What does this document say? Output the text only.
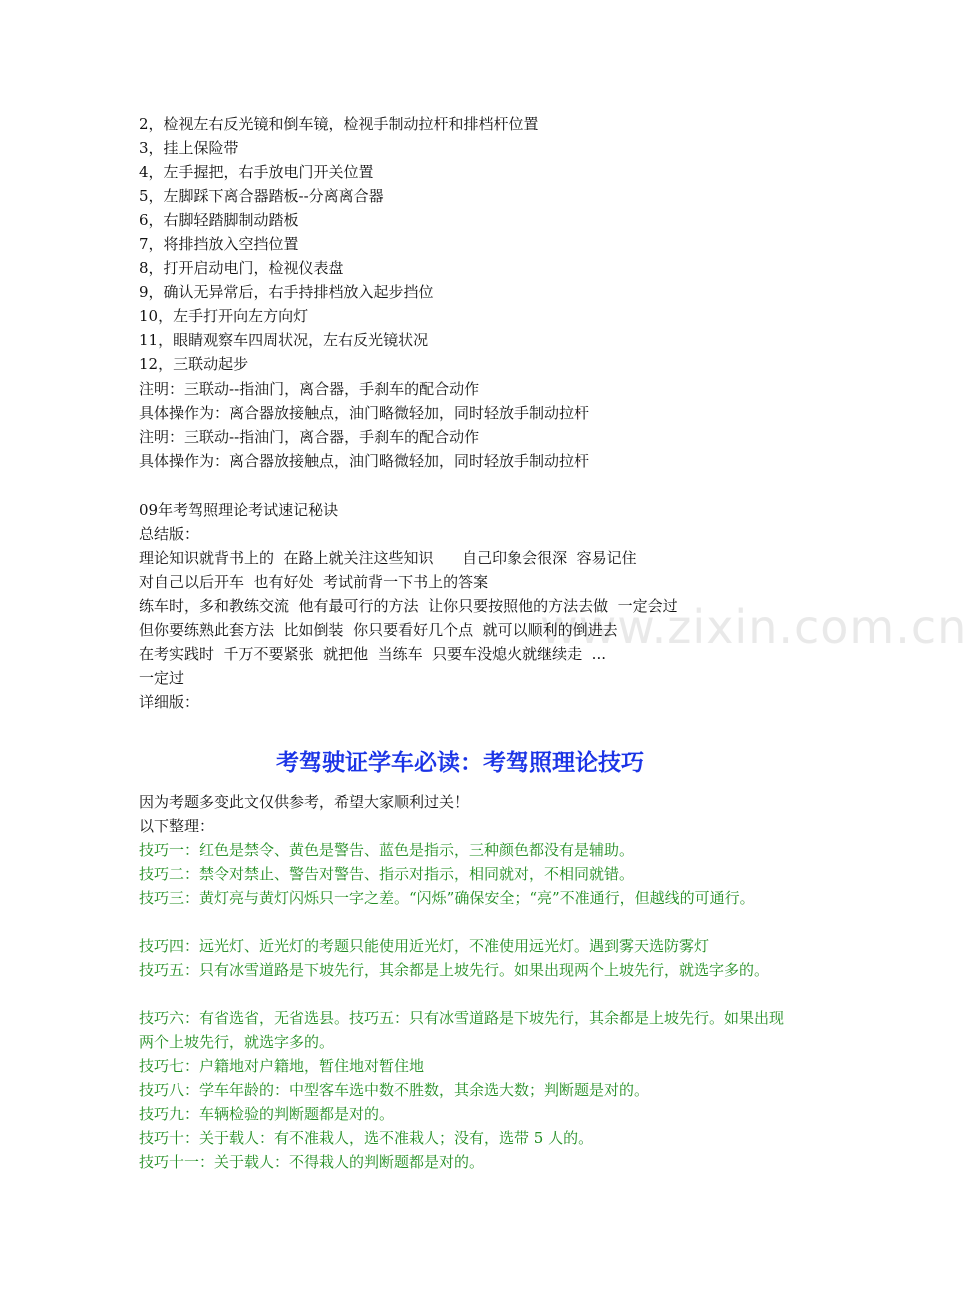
www.zixin.com.cn
2，检视左右反光镜和倒车镜，检视手制动拉杆和排档杆位置
3，挂上保险带
4，左手握把，右手放电门开关位置
5，左脚踩下离合器踏板--分离离合器
6，右脚轻踏脚制动踏板
7，将排挡放入空挡位置
8，打开启动电门，检视仪表盘
9，确认无异常后，右手持排档放入起步挡位
10，左手打开向左方向灯
11，眼睛观察车四周状况，左右反光镜状况
12，三联动起步
注明：三联动--指油门，离合器，手刹车的配合动作
具体操作为：离合器放接触点，油门略微轻加，同时轻放手制动拉杆
注明：三联动--指油门，离合器，手刹车的配合动作
具体操作为：离合器放接触点，油门略微轻加，同时轻放手制动拉杆
09年考驾照理论考试速记秘诀
总结版：
理论知识就背书上的  在路上就关注这些知识      自己印象会很深  容易记住
对自己以后开车  也有好处  考试前背一下书上的答案
练车时，多和教练交流  他有最可行的方法  让你只要按照他的方法去做  一定会过
但你要练熟此套方法  比如倒装  你只要看好几个点  就可以顺利的倒进去
在考实践时  千万不要紧张  就把他  当练车  只要车没熄火就继续走  ...
一定过
详细版：
考驾驶证学车必读：考驾照理论技巧
因为考题多变此文仅供参考，希望大家顺利过关！
以下整理：
技巧一：红色是禁令、黄色是警告、蓝色是指示，三种颜色都没有是辅助。
技巧二：禁令对禁止、警告对警告、指示对指示，相同就对，不相同就错。
技巧三：黄灯亮与黄灯闪烁只一字之差。“闪烁”确保安全；“亮”不准通行，但越线的可通行。
技巧四：远光灯、近光灯的考题只能使用近光灯，不准使用远光灯。遇到雾天选防雾灯
技巧五：只有冰雪道路是下坡先行，其余都是上坡先行。如果出现两个上坡先行，就选字多的。
技巧六：有省选省，无省选县。技巧五：只有冰雪道路是下坡先行，其余都是上坡先行。如果出现两个上坡先行，就选字多的。
技巧七：户籍地对户籍地，暂住地对暂住地
技巧八：学车年龄的：中型客车选中数不胜数，其余选大数；判断题是对的。
技巧九：车辆检验的判断题都是对的。
技巧十：关于载人：有不准栽人，选不准栽人；没有，选带 5 人的。
技巧十一：关于载人：不得栽人的判断题都是对的。
